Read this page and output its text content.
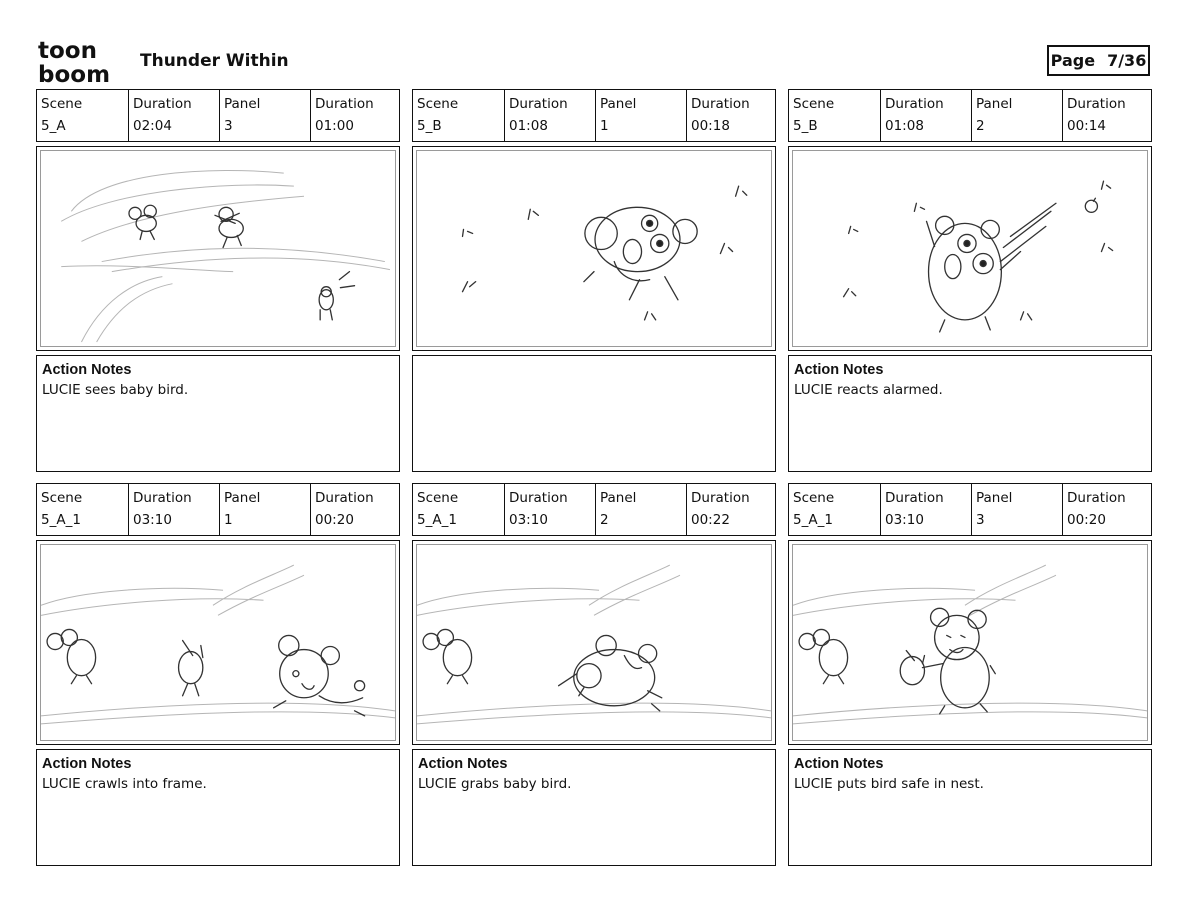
toon
boom
Thunder Within	Page 7/36
Scene
5_A
Duration
02:04
Panel
3
Duration
01:00
Action Notes
LUCIE sees baby bird.
Scene
5_B
Duration
01:08
Panel
1
Duration
00:18
Scene
5_B
Duration
01:08
Panel
2
Duration
00:14
Action Notes
LUCIE reacts alarmed.
Scene
5_A_1
Duration
03:10
Panel
1
Duration
00:20
Action Notes
LUCIE crawls into frame.
Scene
5_A_1
Duration
03:10
Panel
2
Duration
00:22
Action Notes
LUCIE grabs baby bird.
Scene
5_A_1
Duration
03:10
Panel
3
Duration
00:20
Action Notes
LUCIE puts bird safe in nest.
